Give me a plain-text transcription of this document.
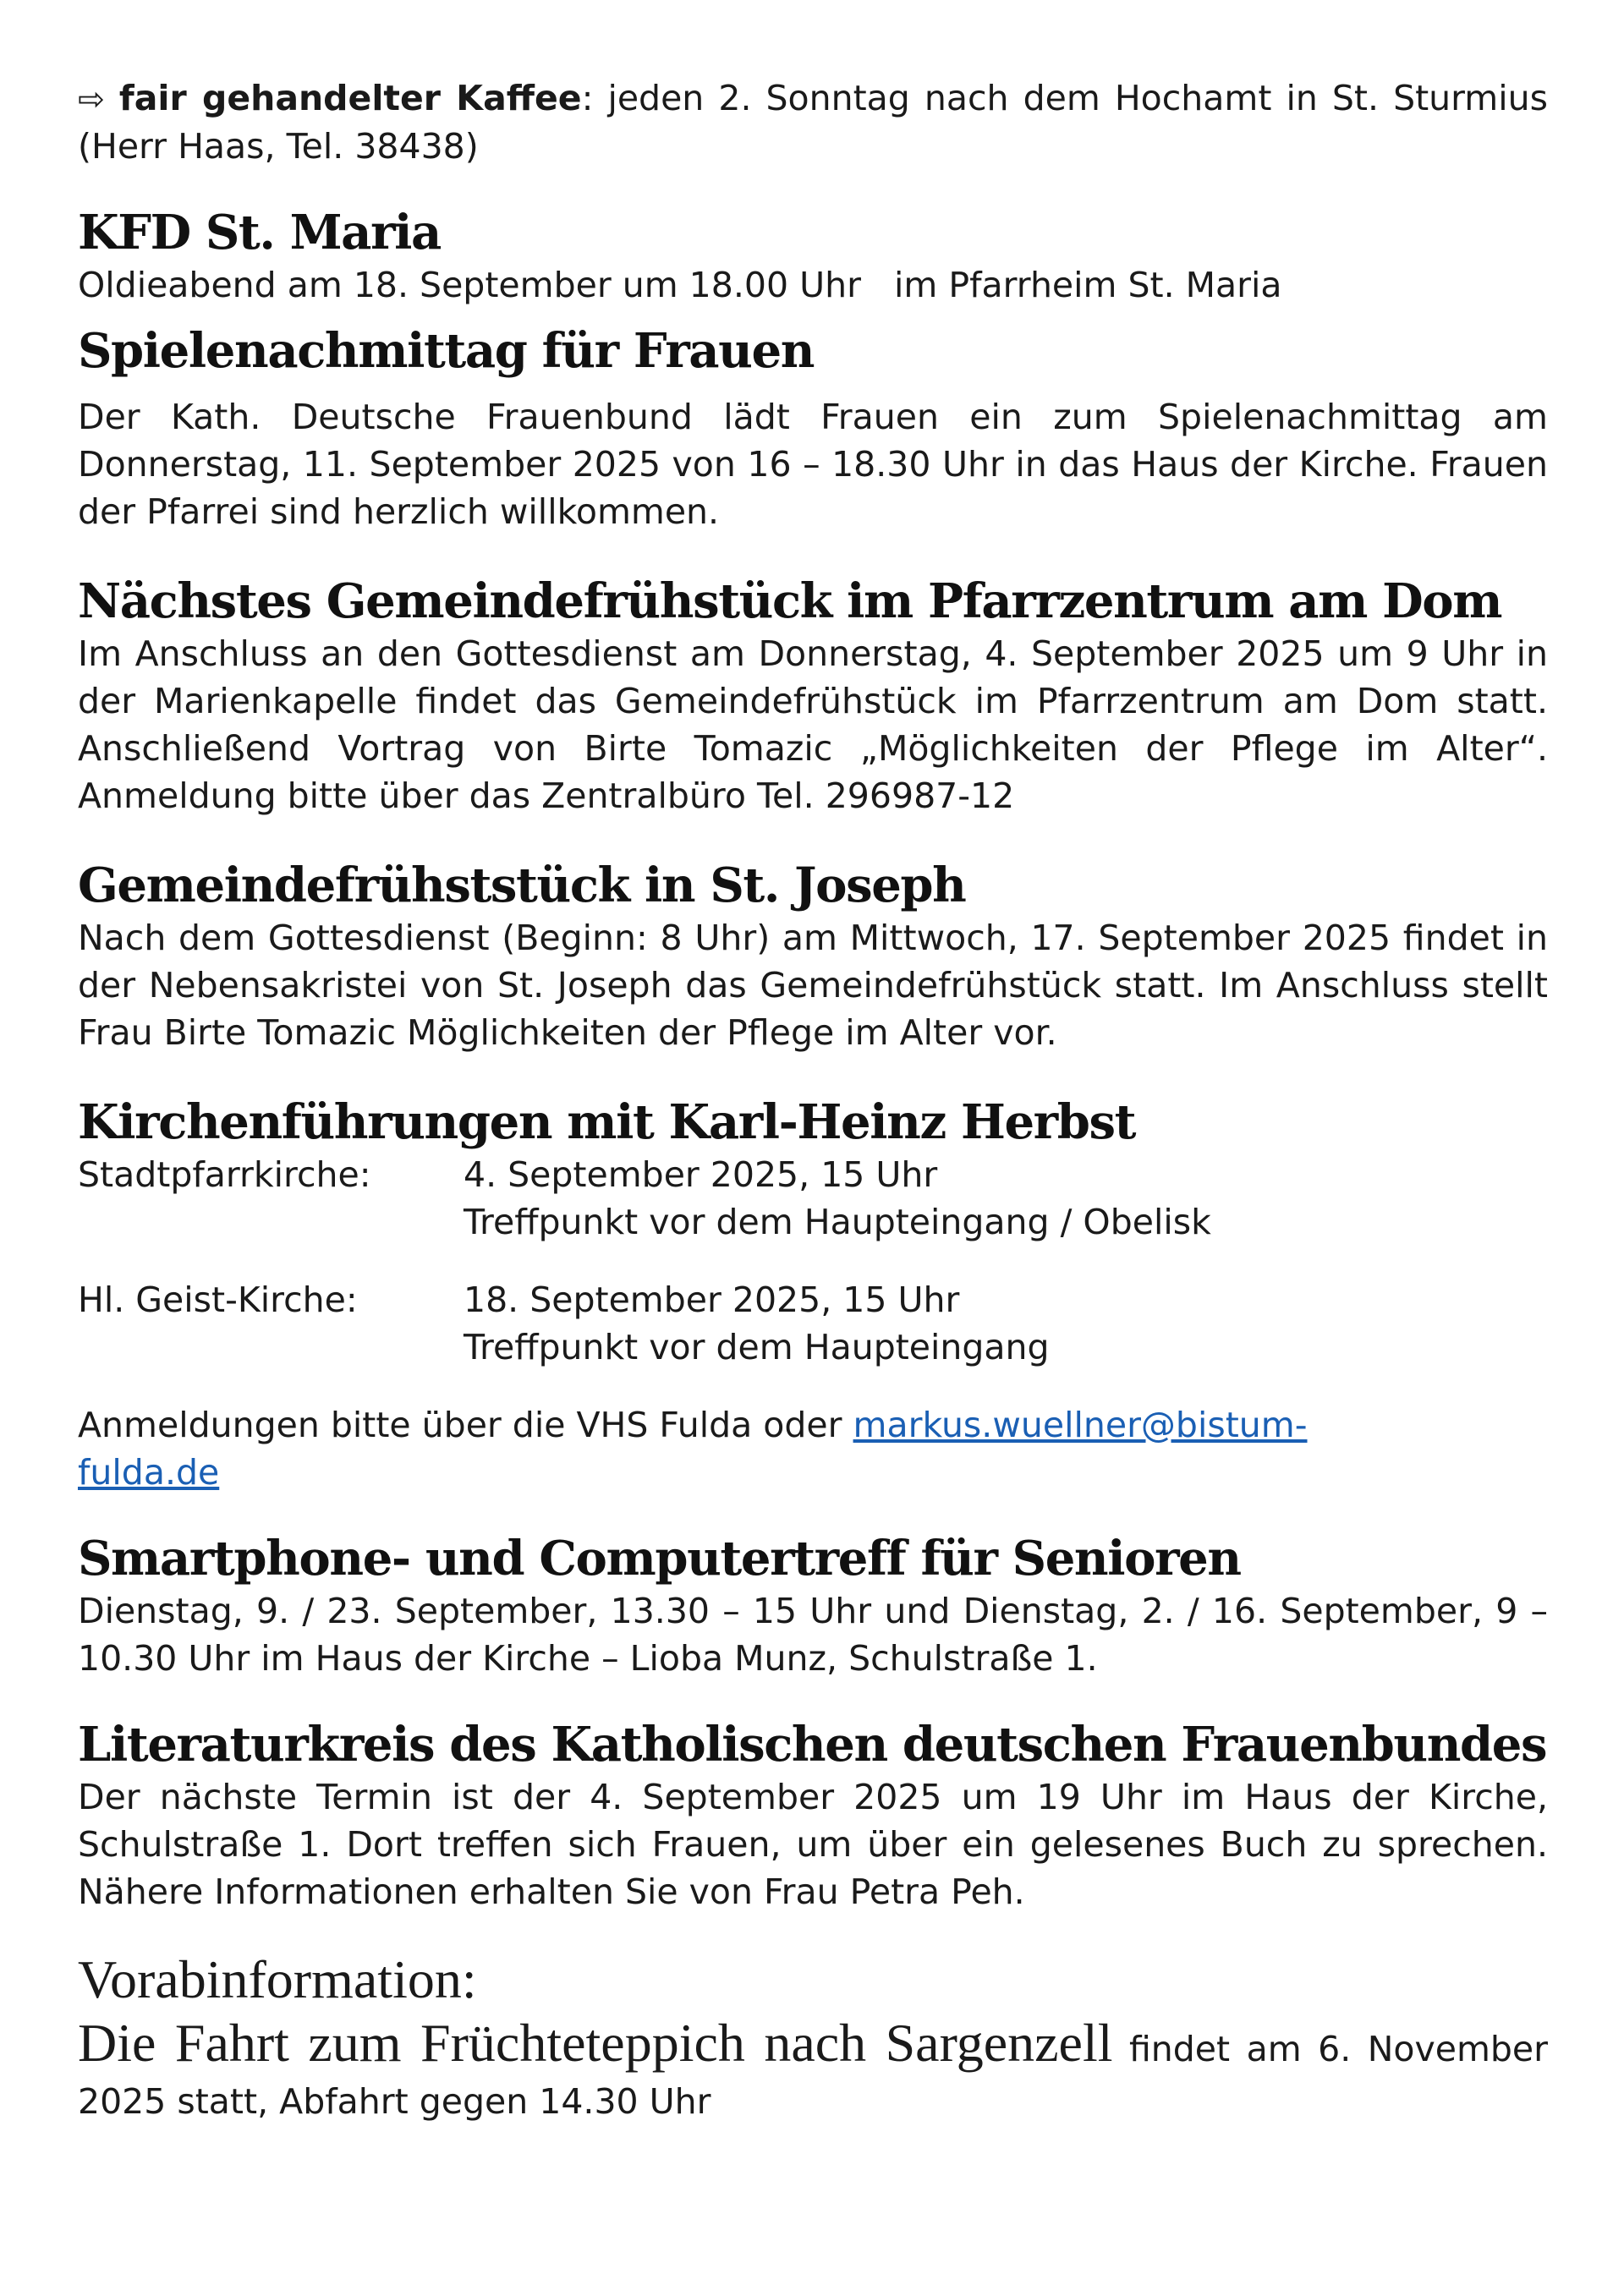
⇨ fair gehandelter Kaffee: jeden 2. Sonntag nach dem Hochamt in St. Sturmius (Herr Haas, Tel. 38438)

KFD St. Maria

Oldieabend am 18. September um 18.00 Uhr   im Pfarrheim St. Maria

Spielenachmittag für Frauen

Der Kath. Deutsche Frauenbund lädt Frauen ein zum Spielenachmittag am Donnerstag, 11. September 2025 von 16 – 18.30 Uhr in das Haus der Kirche. Frauen der Pfarrei sind herzlich willkommen.

Nächstes Gemeindefrühstück im Pfarrzentrum am Dom

Im Anschluss an den Gottesdienst am Donnerstag, 4. September 2025 um 9 Uhr in der Marienkapelle findet das Gemeindefrühstück im Pfarrzentrum am Dom statt. Anschließend Vortrag von Birte Tomazic „Möglichkeiten der Pflege im Alter“. Anmeldung bitte über das Zentralbüro Tel. 296987-12

Gemeindefrühststück in St. Joseph

Nach dem Gottesdienst (Beginn: 8 Uhr) am Mittwoch, 17. September 2025 findet in der Nebensakristei von St. Joseph das Gemeindefrühstück statt. Im Anschluss stellt Frau Birte Tomazic Möglichkeiten der Pflege im Alter vor.

Kirchenführungen mit Karl-Heinz Herbst

Stadtpfarrkirche:	4. September 2025, 15 Uhr

Treffpunkt vor dem Haupteingang / Obelisk

Hl. Geist-Kirche:	18. September 2025, 15 Uhr

Treffpunkt vor dem Haupteingang

Anmeldungen bitte über die VHS Fulda oder markus.wuellner@bistum-
fulda.de

Smartphone- und Computertreff für Senioren

Dienstag, 9. / 23. September, 13.30 – 15 Uhr und Dienstag, 2. / 16. September, 9 – 10.30 Uhr im Haus der Kirche – Lioba Munz, Schulstraße 1.

Literaturkreis des Katholischen deutschen Frauenbundes

Der nächste Termin ist der 4. September 2025 um 19 Uhr im Haus der Kirche, Schulstraße 1. Dort treffen sich Frauen, um über ein gelesenes Buch zu sprechen. Nähere Informationen erhalten Sie von Frau Petra Peh.

Vorabinformation:

Die Fahrt zum Früchteteppich nach Sargenzell findet am 6. November 2025 statt, Abfahrt gegen 14.30 Uhr
